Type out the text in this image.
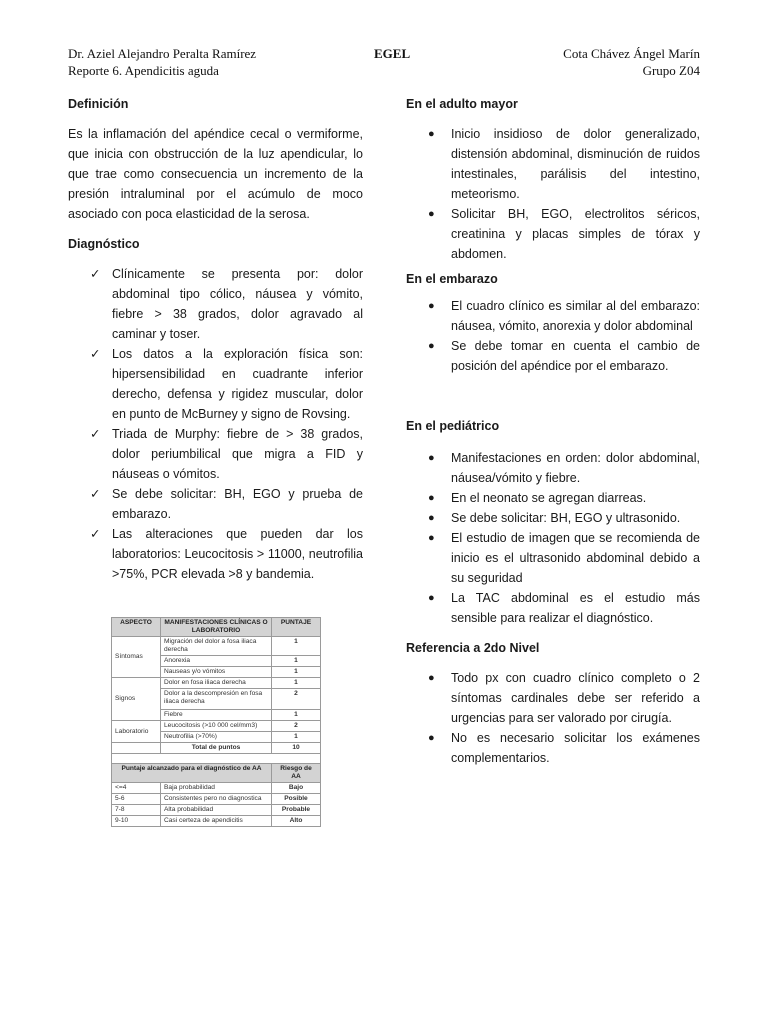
Dr. Aziel Alejandro Peralta Ramírez
Reporte 6. Apendicitis aguda
EGEL	Cota Chávez Ángel Marín
Grupo Z04
Definición

Es la inflamación del apéndice cecal o vermiforme, que inicia con obstrucción de la luz apendicular, lo que trae como consecuencia un incremento de la presión intraluminal por el acúmulo de moco asociado con poca elasticidad de la serosa.

Diagnóstico
✓ Clínicamente se presenta por: dolor abdominal tipo cólico, náusea y vómito, fiebre > 38 grados, dolor agravado al caminar y toser.
✓ Los datos a la exploración física son: hipersensibilidad en cuadrante inferior derecho, defensa y rigidez muscular, dolor en punto de McBurney y signo de Rovsing.
✓ Triada de Murphy: fiebre de > 38 grados, dolor periumbilical que migra a FID y náuseas o vómitos.
✓ Se debe solicitar: BH, EGO y prueba de embarazo.
✓ Las alteraciones que pueden dar los laboratorios: Leucocitosis > 11000, neutrofilia >75%, PCR elevada >8 y bandemia.
ASPECTO	MANIFESTACIONES CLÍNICAS O LABORATORIO	PUNTAJE
Síntomas	Migración del dolor a fosa iliaca derecha	1
	Anorexia	1
	Nauseas y/o vómitos	1
Signos	Dolor en fosa iliaca derecha	1
	Dolor a la descompresión en fosa iliaca derecha	2
	Fiebre	1
Laboratorio	Leucocitosis (>10 000 cel/mm3)	2
	Neutrofilia (>70%)	1
	Total de puntos	10

Puntaje alcanzado para el diagnóstico de AA		Riesgo de AA
<=4	Baja probabilidad	Bajo
5-6	Consistentes pero no diagnostica	Posible
7-8	Alta probabilidad	Probable
9-10	Casi certeza de apendicitis	Alto
En el adulto mayor
● Inicio insidioso de dolor generalizado, distensión abdominal, disminución de ruidos intestinales, parálisis del intestino, meteorismo.
● Solicitar BH, EGO, electrolitos séricos, creatinina y placas simples de tórax y abdomen.
En el embarazo
● El cuadro clínico es similar al del embarazo: náusea, vómito, anorexia y dolor abdominal
● Se debe tomar en cuenta el cambio de posición del apéndice por el embarazo.
En el pediátrico
● Manifestaciones en orden: dolor abdominal, náusea/vómito y fiebre.
● En el neonato se agregan diarreas.
● Se debe solicitar: BH, EGO y ultrasonido.
● El estudio de imagen que se recomienda de inicio es el ultrasonido abdominal debido a su seguridad
● La TAC abdominal es el estudio más sensible para realizar el diagnóstico.
Referencia a 2do Nivel
● Todo px con cuadro clínico completo o 2 síntomas cardinales debe ser referido a urgencias para ser valorado por cirugía.
● No es necesario solicitar los exámenes complementarios.
